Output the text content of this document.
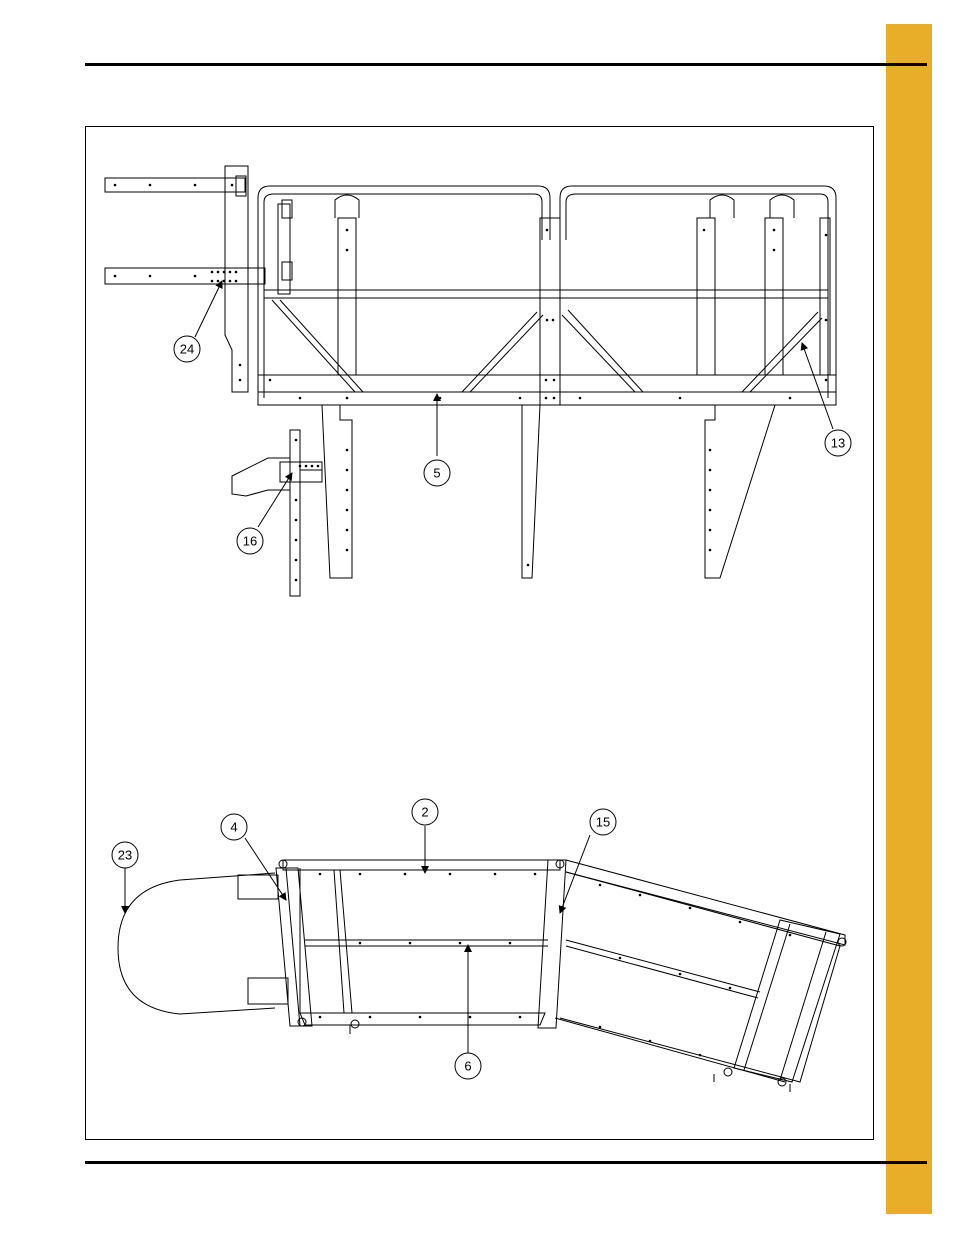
24
5
13
16
2
4	15
23
6
